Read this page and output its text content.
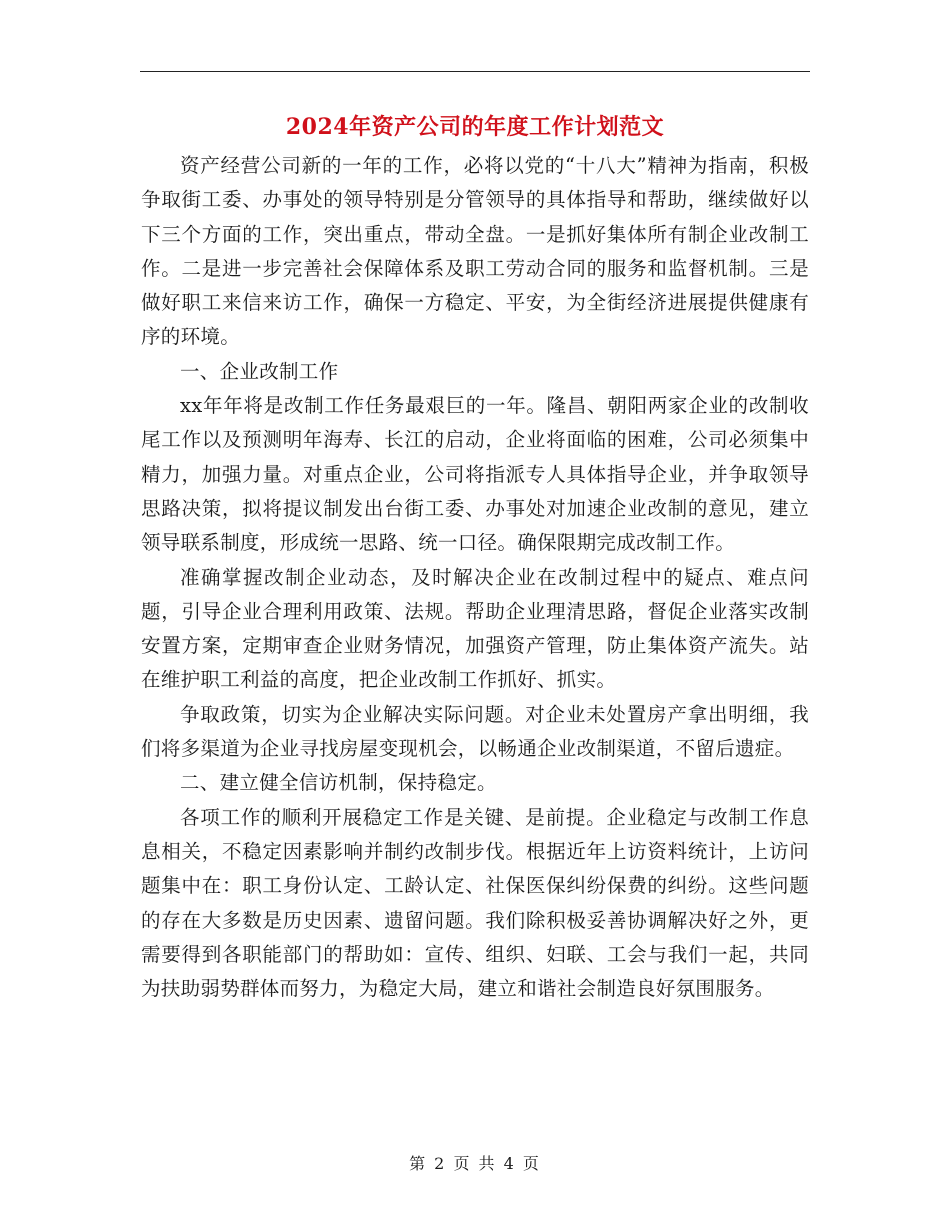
2024年资产公司的年度工作计划范文

资产经营公司新的一年的工作，必将以党的“十八大”精神为指南，积极争取街工委、办事处的领导特别是分管领导的具体指导和帮助，继续做好以下三个方面的工作，突出重点，带动全盘。一是抓好集体所有制企业改制工作。二是进一步完善社会保障体系及职工劳动合同的服务和监督机制。三是做好职工来信来访工作，确保一方稳定、平安，为全街经济进展提供健康有序的环境。

一、企业改制工作

xx年年将是改制工作任务最艰巨的一年。隆昌、朝阳两家企业的改制收尾工作以及预测明年海寿、长江的启动，企业将面临的困难，公司必须集中精力，加强力量。对重点企业，公司将指派专人具体指导企业，并争取领导思路决策，拟将提议制发出台街工委、办事处对加速企业改制的意见，建立领导联系制度，形成统一思路、统一口径。确保限期完成改制工作。

准确掌握改制企业动态，及时解决企业在改制过程中的疑点、难点问题，引导企业合理利用政策、法规。帮助企业理清思路，督促企业落实改制安置方案，定期审查企业财务情况，加强资产管理，防止集体资产流失。站在维护职工利益的高度，把企业改制工作抓好、抓实。

争取政策，切实为企业解决实际问题。对企业未处置房产拿出明细，我们将多渠道为企业寻找房屋变现机会，以畅通企业改制渠道，不留后遗症。

二、建立健全信访机制，保持稳定。

各项工作的顺利开展稳定工作是关键、是前提。企业稳定与改制工作息息相关，不稳定因素影响并制约改制步伐。根据近年上访资料统计，上访问题集中在：职工身份认定、工龄认定、社保医保纠纷保费的纠纷。这些问题的存在大多数是历史因素、遗留问题。我们除积极妥善协调解决好之外，更需要得到各职能部门的帮助如：宣传、组织、妇联、工会与我们一起，共同为扶助弱势群体而努力，为稳定大局，建立和谐社会制造良好氛围服务。

第 2 页 共 4 页
